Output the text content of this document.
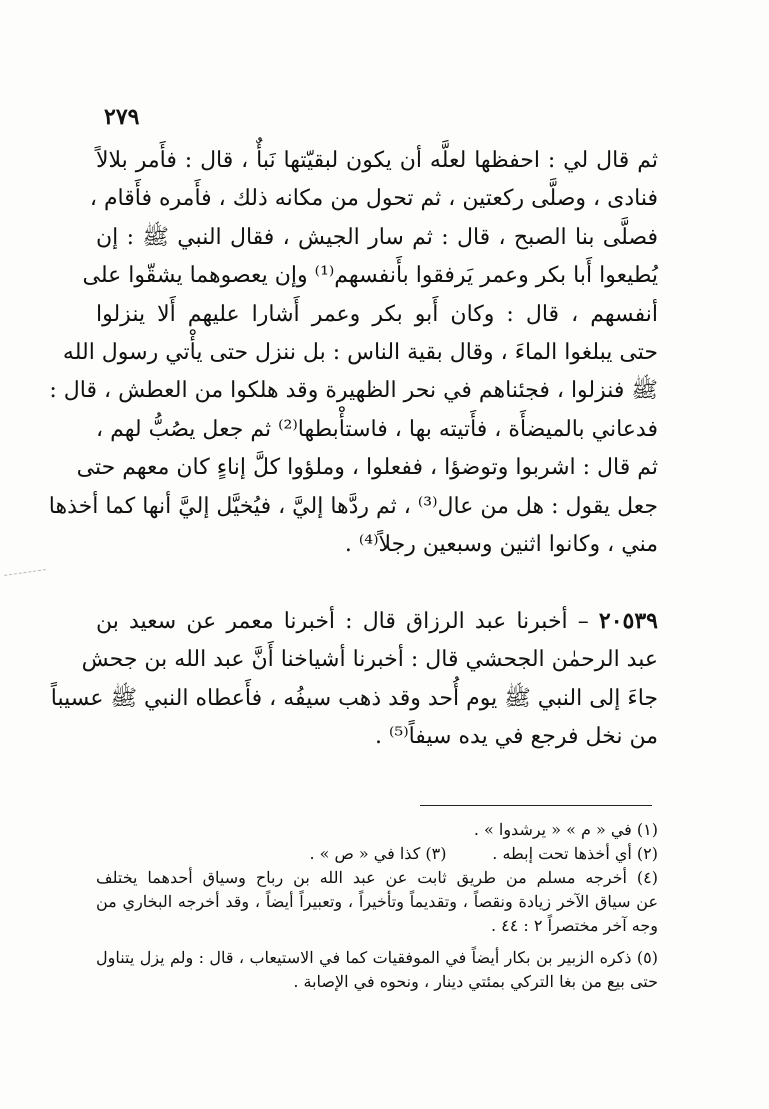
٢٧٩
ثم قال لي : احفظها لعلَّه أن يكون لبقيّتها نَبأٌ ، قال : فأَمر بلالاً
فنادى ، وصلَّى ركعتين ، ثم تحول من مكانه ذلك ، فأَمره فأَقام ،
فصلَّى بنا الصبح ، قال : ثم سار الجيش ، فقال النبي ﷺ : إن
يُطيعوا أَبا بكر وعمر يَرفقوا بأَنفسهم⁽¹⁾ وإن يعصوهما يشقّوا على
أنفسهم ، قال : وكان أَبو بكر وعمر أَشارا عليهم أَلا ينزلوا
حتى يبلغوا الماءَ ، وقال بقية الناس : بل ننزل حتى يأْتي رسول الله
ﷺ فنزلوا ، فجئناهم في نحر الظهيرة وقد هلكوا من العطش ، قال :
فدعاني بالميضأَة ، فأَتيته بها ، فاستأْبطها⁽²⁾ ثم جعل يصُبُّ لهم ،
ثم قال : اشربوا وتوضؤا ، ففعلوا ، وملؤوا كلَّ إناءٍ كان معهم حتى
جعل يقول : هل من عال⁽³⁾ ، ثم ردَّها إليَّ ، فيُخيَّل إليَّ أنها كما أخذها
مني ، وكانوا اثنين وسبعين رجلاً⁽⁴⁾ .
٢٠٥٣٩ – أخبرنا عبد الرزاق قال : أخبرنا معمر عن سعيد بن
عبد الرحمٰن الجحشي قال : أخبرنا أشياخنا أَنَّ عبد الله بن جحش
جاءَ إلى النبي ﷺ يوم أُحد وقد ذهب سيفُه ، فأَعطاه النبي ﷺ عسيباً
من نخل فرجع في يده سيفاً⁽⁵⁾ .
(١) في « م » « يرشدوا » .
(٢) أي أخذها تحت إبطه .         (٣) كذا في « ص » .
(٤) أخرجه مسلم من طريق ثابت عن عبد الله بن رباح وسياق أحدهما يختلف
عن سياق الآخر زيادة ونقصاً ، وتقديماً وتأخيراً ، وتعبيراً أيضاً ، وقد أخرجه البخاري من
وجه آخر مختصراً ٢ : ٤٤ .
(٥) ذكره الزبير بن بكار أيضاً في الموفقيات كما في الاستيعاب ، قال : ولم يزل يتناول
حتى بيع من بغا التركي بمئتي دينار ، ونحوه في الإصابة .
